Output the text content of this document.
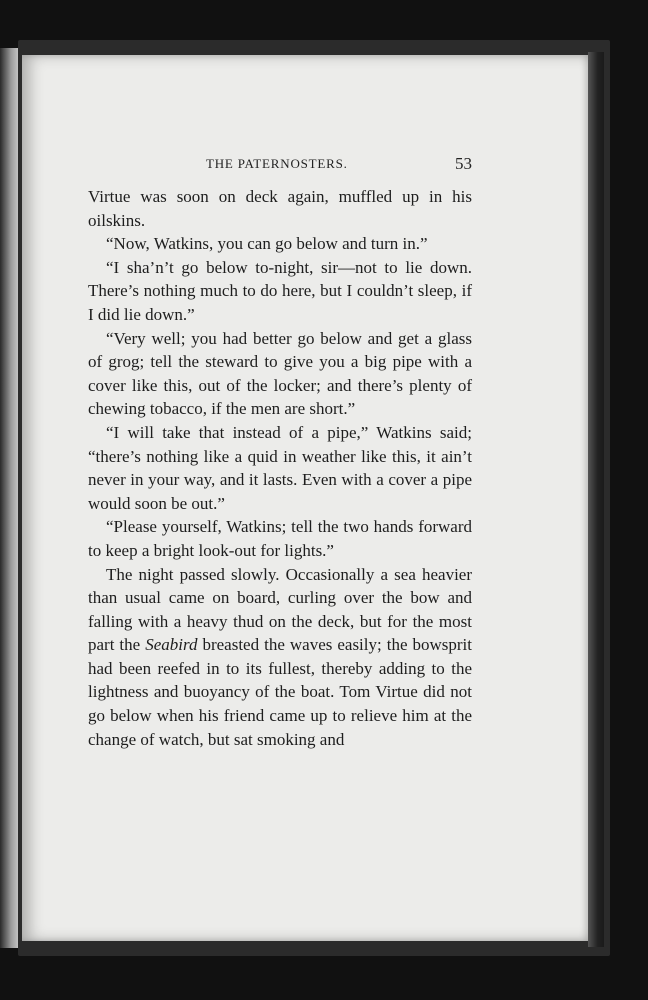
THE PATERNOSTERS.	53

Virtue was soon on deck again, muffled up in his oilskins.

“Now, Watkins, you can go below and turn in.”

“I sha’n’t go below to-night, sir—not to lie down. There’s nothing much to do here, but I couldn’t sleep, if I did lie down.”

“Very well; you had better go below and get a glass of grog; tell the steward to give you a big pipe with a cover like this, out of the locker; and there’s plenty of chewing tobacco, if the men are short.”

“I will take that instead of a pipe,” Watkins said; “there’s nothing like a quid in weather like this, it ain’t never in your way, and it lasts. Even with a cover a pipe would soon be out.”

“Please yourself, Watkins; tell the two hands forward to keep a bright look-out for lights.”

The night passed slowly. Occasionally a sea heavier than usual came on board, curling over the bow and falling with a heavy thud on the deck, but for the most part the Seabird breasted the waves easily; the bowsprit had been reefed in to its fullest, thereby adding to the lightness and buoyancy of the boat. Tom Virtue did not go below when his friend came up to relieve him at the change of watch, but sat smoking and
